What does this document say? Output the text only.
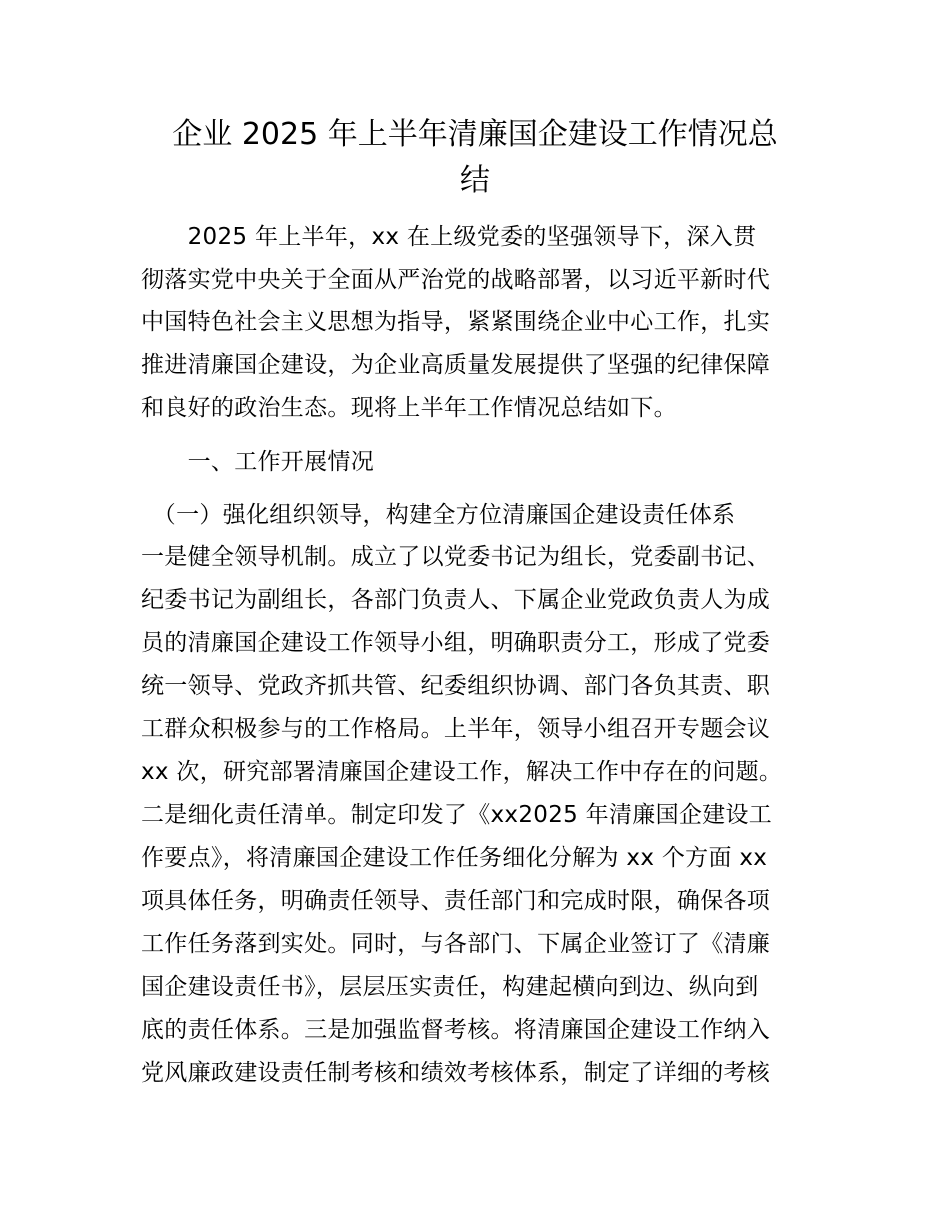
企业 2025 年上半年清廉国企建设工作情况总
结
　　2025 年上半年，xx 在上级党委的坚强领导下，深入贯
彻落实党中央关于全面从严治党的战略部署，以习近平新时代
中国特色社会主义思想为指导，紧紧围绕企业中心工作，扎实
推进清廉国企建设，为企业高质量发展提供了坚强的纪律保障
和良好的政治生态。现将上半年工作情况总结如下。
　　一、工作开展情况
　（一）强化组织领导，构建全方位清廉国企建设责任体系
一是健全领导机制。成立了以党委书记为组长，党委副书记、
纪委书记为副组长，各部门负责人、下属企业党政负责人为成
员的清廉国企建设工作领导小组，明确职责分工，形成了党委
统一领导、党政齐抓共管、纪委组织协调、部门各负其责、职
工群众积极参与的工作格局。上半年，领导小组召开专题会议
xx 次，研究部署清廉国企建设工作，解决工作中存在的问题。
二是细化责任清单。制定印发了《xx2025 年清廉国企建设工
作要点》，将清廉国企建设工作任务细化分解为 xx 个方面 xx
项具体任务，明确责任领导、责任部门和完成时限，确保各项
工作任务落到实处。同时，与各部门、下属企业签订了《清廉
国企建设责任书》，层层压实责任，构建起横向到边、纵向到
底的责任体系。三是加强监督考核。将清廉国企建设工作纳入
党风廉政建设责任制考核和绩效考核体系，制定了详细的考核
